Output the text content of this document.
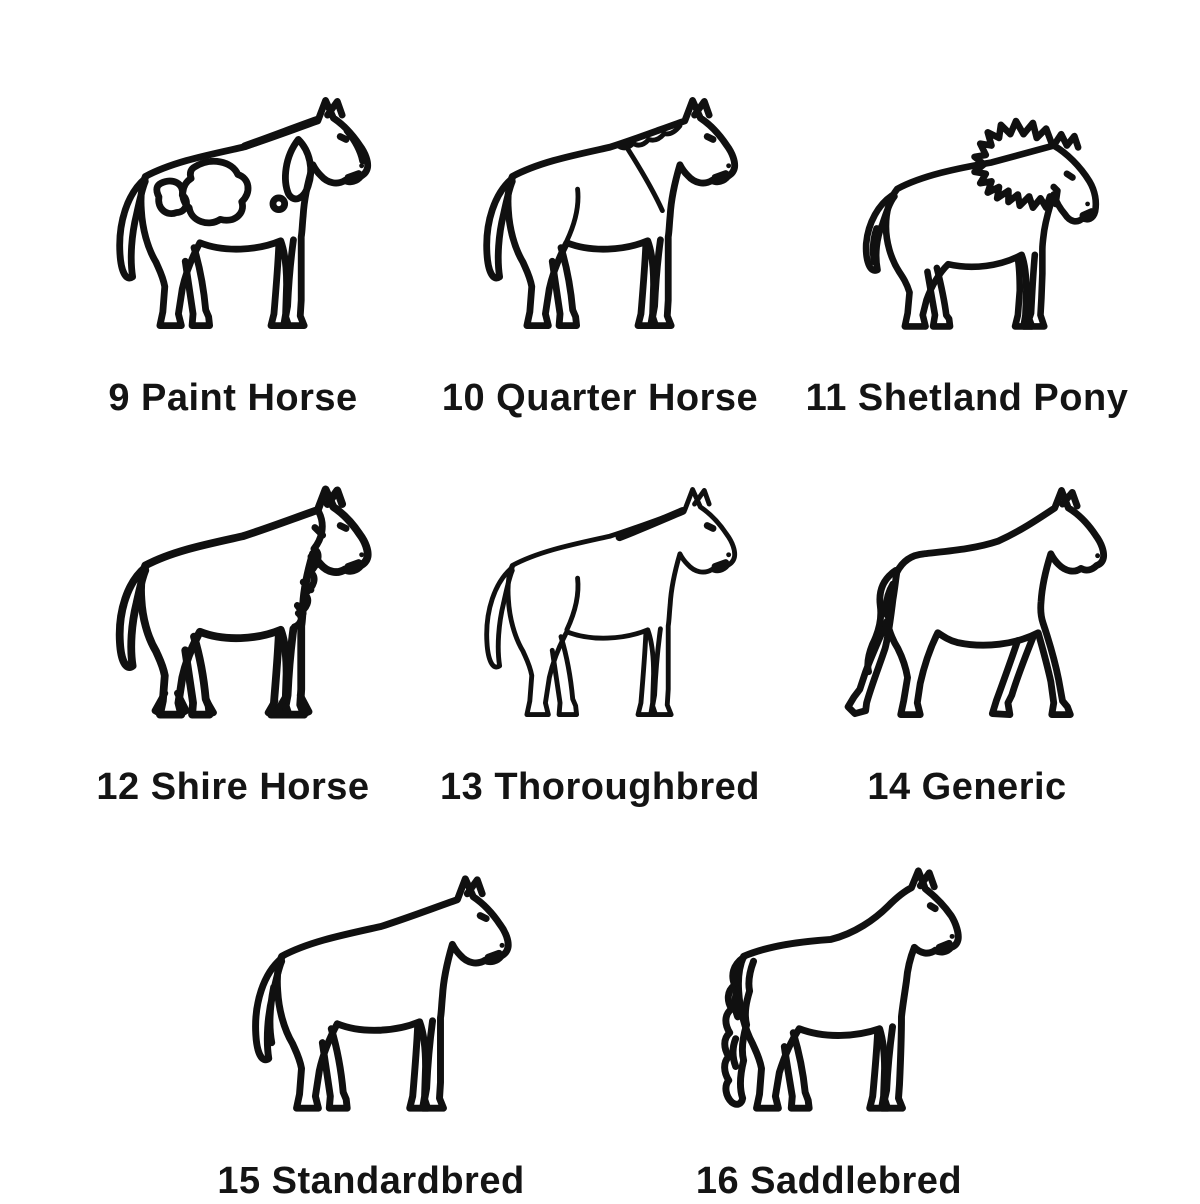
9 Paint Horse 10 Quarter Horse 11 Shetland Pony
12 Shire Horse 13 Thoroughbred	14 Generic
15 Standardbred	16 Saddlebred
